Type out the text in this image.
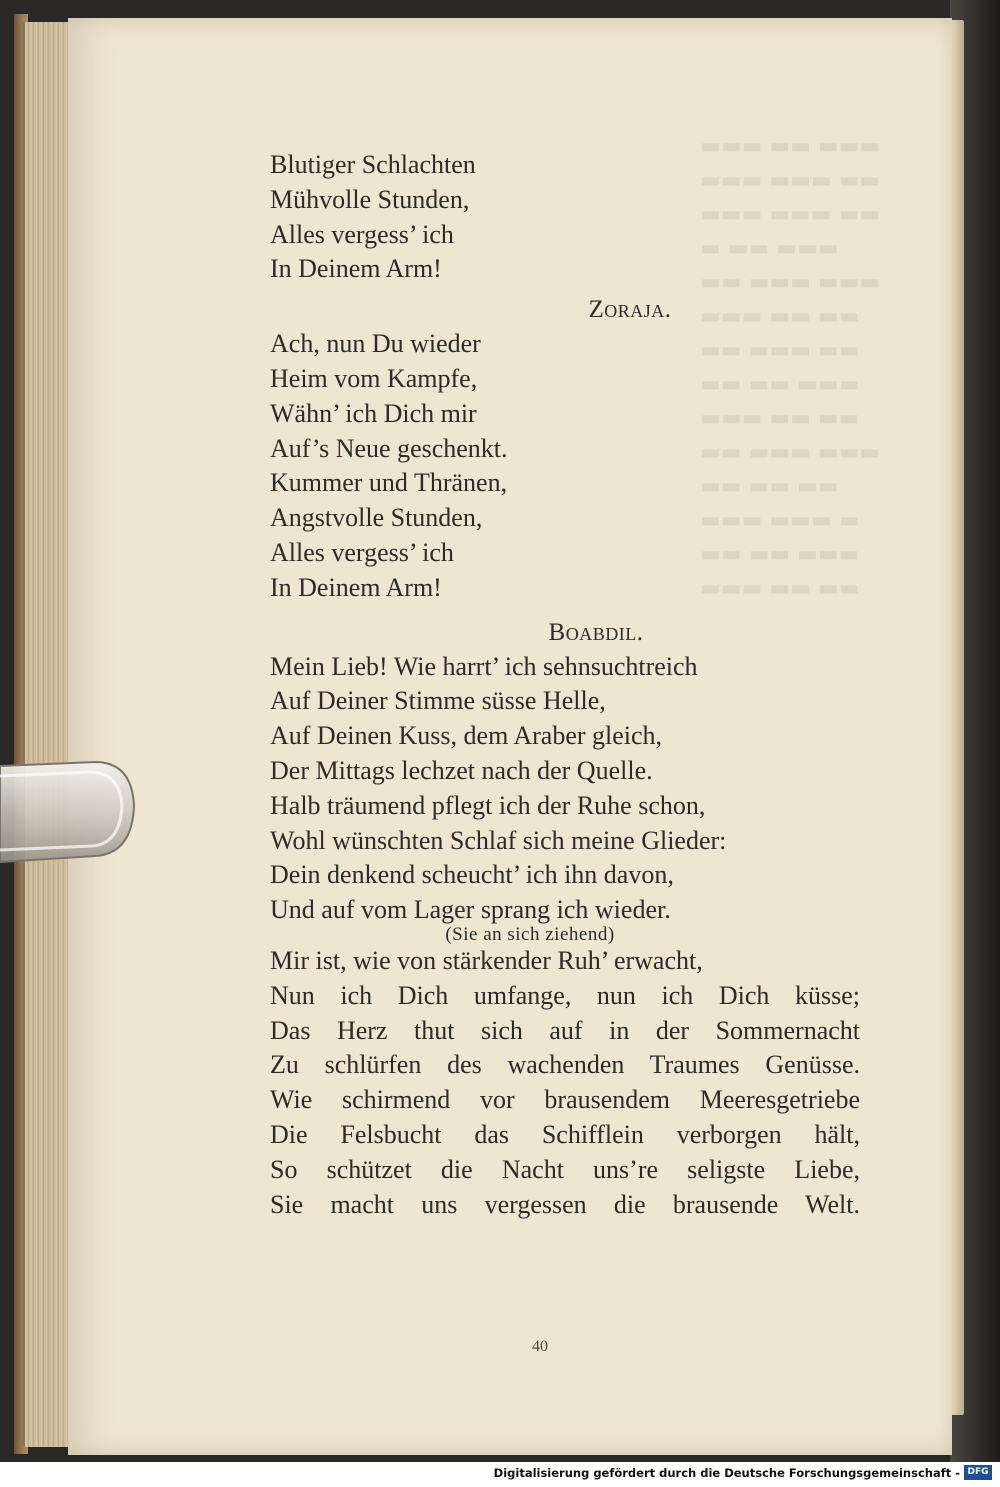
▬▬▬ ▬▬ ▬▬▬
▬▬▬ ▬▬▬ ▬▬
▬▬▬ ▬▬▬ ▬▬
▬ ▬▬ ▬▬▬
▬▬ ▬▬▬ ▬▬▬
▬▬▬ ▬▬ ▬▬
▬▬ ▬▬▬ ▬▬
▬▬ ▬▬ ▬▬▬
▬▬▬ ▬▬ ▬▬
▬▬ ▬▬▬ ▬▬▬
▬▬ ▬▬ ▬▬
▬▬▬ ▬▬▬ ▬
▬▬ ▬▬ ▬▬▬
▬▬▬ ▬▬ ▬▬
Blutiger Schlachten
Mühvolle Stunden,
Alles vergess’ ich
In Deinem Arm!
Zoraja.
Ach, nun Du wieder
Heim vom Kampfe,
Wähn’ ich Dich mir
Auf’s Neue geschenkt.
Kummer und Thränen,
Angstvolle Stunden,
Alles vergess’ ich
In Deinem Arm!
Boabdil.
Mein Lieb! Wie harrt’ ich sehnsuchtreich
Auf Deiner Stimme süsse Helle,
Auf Deinen Kuss, dem Araber gleich,
Der Mittags lechzet nach der Quelle.
Halb träumend pflegt ich der Ruhe schon,
Wohl wünschten Schlaf sich meine Glieder:
Dein denkend scheucht’ ich ihn davon,
Und auf vom Lager sprang ich wieder.
(Sie an sich ziehend)
Mir ist, wie von stärkender Ruh’ erwacht,
Nun ich Dich umfange, nun ich Dich küsse;
Das Herz thut sich auf in der Sommernacht
Zu schlürfen des wachenden Traumes Genüsse.
Wie schirmend vor brausendem Meeresgetriebe
Die Felsbucht das Schifflein verborgen hält,
So schützet die Nacht uns’re seligste Liebe,
Sie macht uns vergessen die brausende Welt.
40
Digitalisierung gefördert durch die Deutsche Forschungsgemeinschaft - DFG
